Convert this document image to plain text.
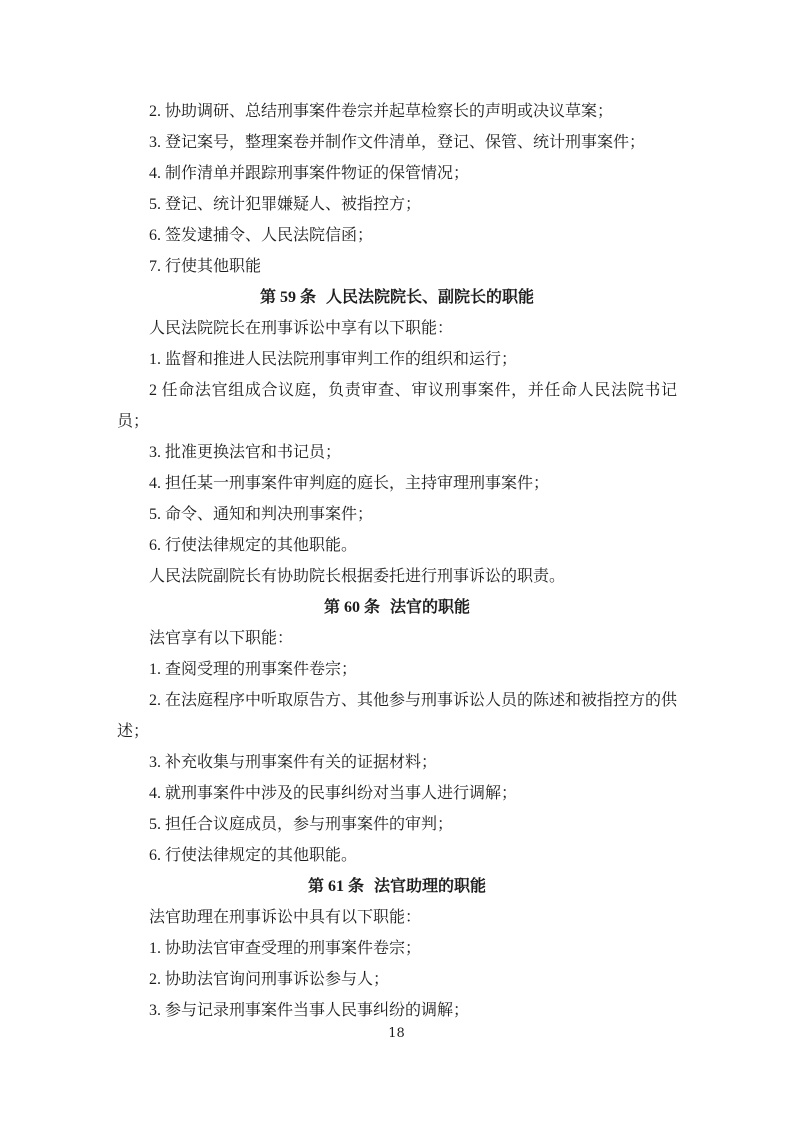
2. 协助调研、总结刑事案件卷宗并起草检察长的声明或决议草案；

3. 登记案号，整理案卷并制作文件清单，登记、保管、统计刑事案件；

4. 制作清单并跟踪刑事案件物证的保管情况；

5. 登记、统计犯罪嫌疑人、被指控方；

6. 签发逮捕令、人民法院信函；

7. 行使其他职能

第 59 条 人民法院院长、副院长的职能

人民法院院长在刑事诉讼中享有以下职能：

1. 监督和推进人民法院刑事审判工作的组织和运行；

2 任命法官组成合议庭，负责审查、审议刑事案件，并任命人民法院书记员；

3. 批准更换法官和书记员；

4. 担任某一刑事案件审判庭的庭长，主持审理刑事案件；

5. 命令、通知和判决刑事案件；

6. 行使法律规定的其他职能。

人民法院副院长有协助院长根据委托进行刑事诉讼的职责。

第 60 条 法官的职能

法官享有以下职能：

1. 查阅受理的刑事案件卷宗；

2. 在法庭程序中听取原告方、其他参与刑事诉讼人员的陈述和被指控方的供述；

3. 补充收集与刑事案件有关的证据材料；

4. 就刑事案件中涉及的民事纠纷对当事人进行调解；

5. 担任合议庭成员，参与刑事案件的审判；

6. 行使法律规定的其他职能。

第 61 条 法官助理的职能

法官助理在刑事诉讼中具有以下职能：

1. 协助法官审查受理的刑事案件卷宗；

2. 协助法官询问刑事诉讼参与人；

3. 参与记录刑事案件当事人民事纠纷的调解；

18
